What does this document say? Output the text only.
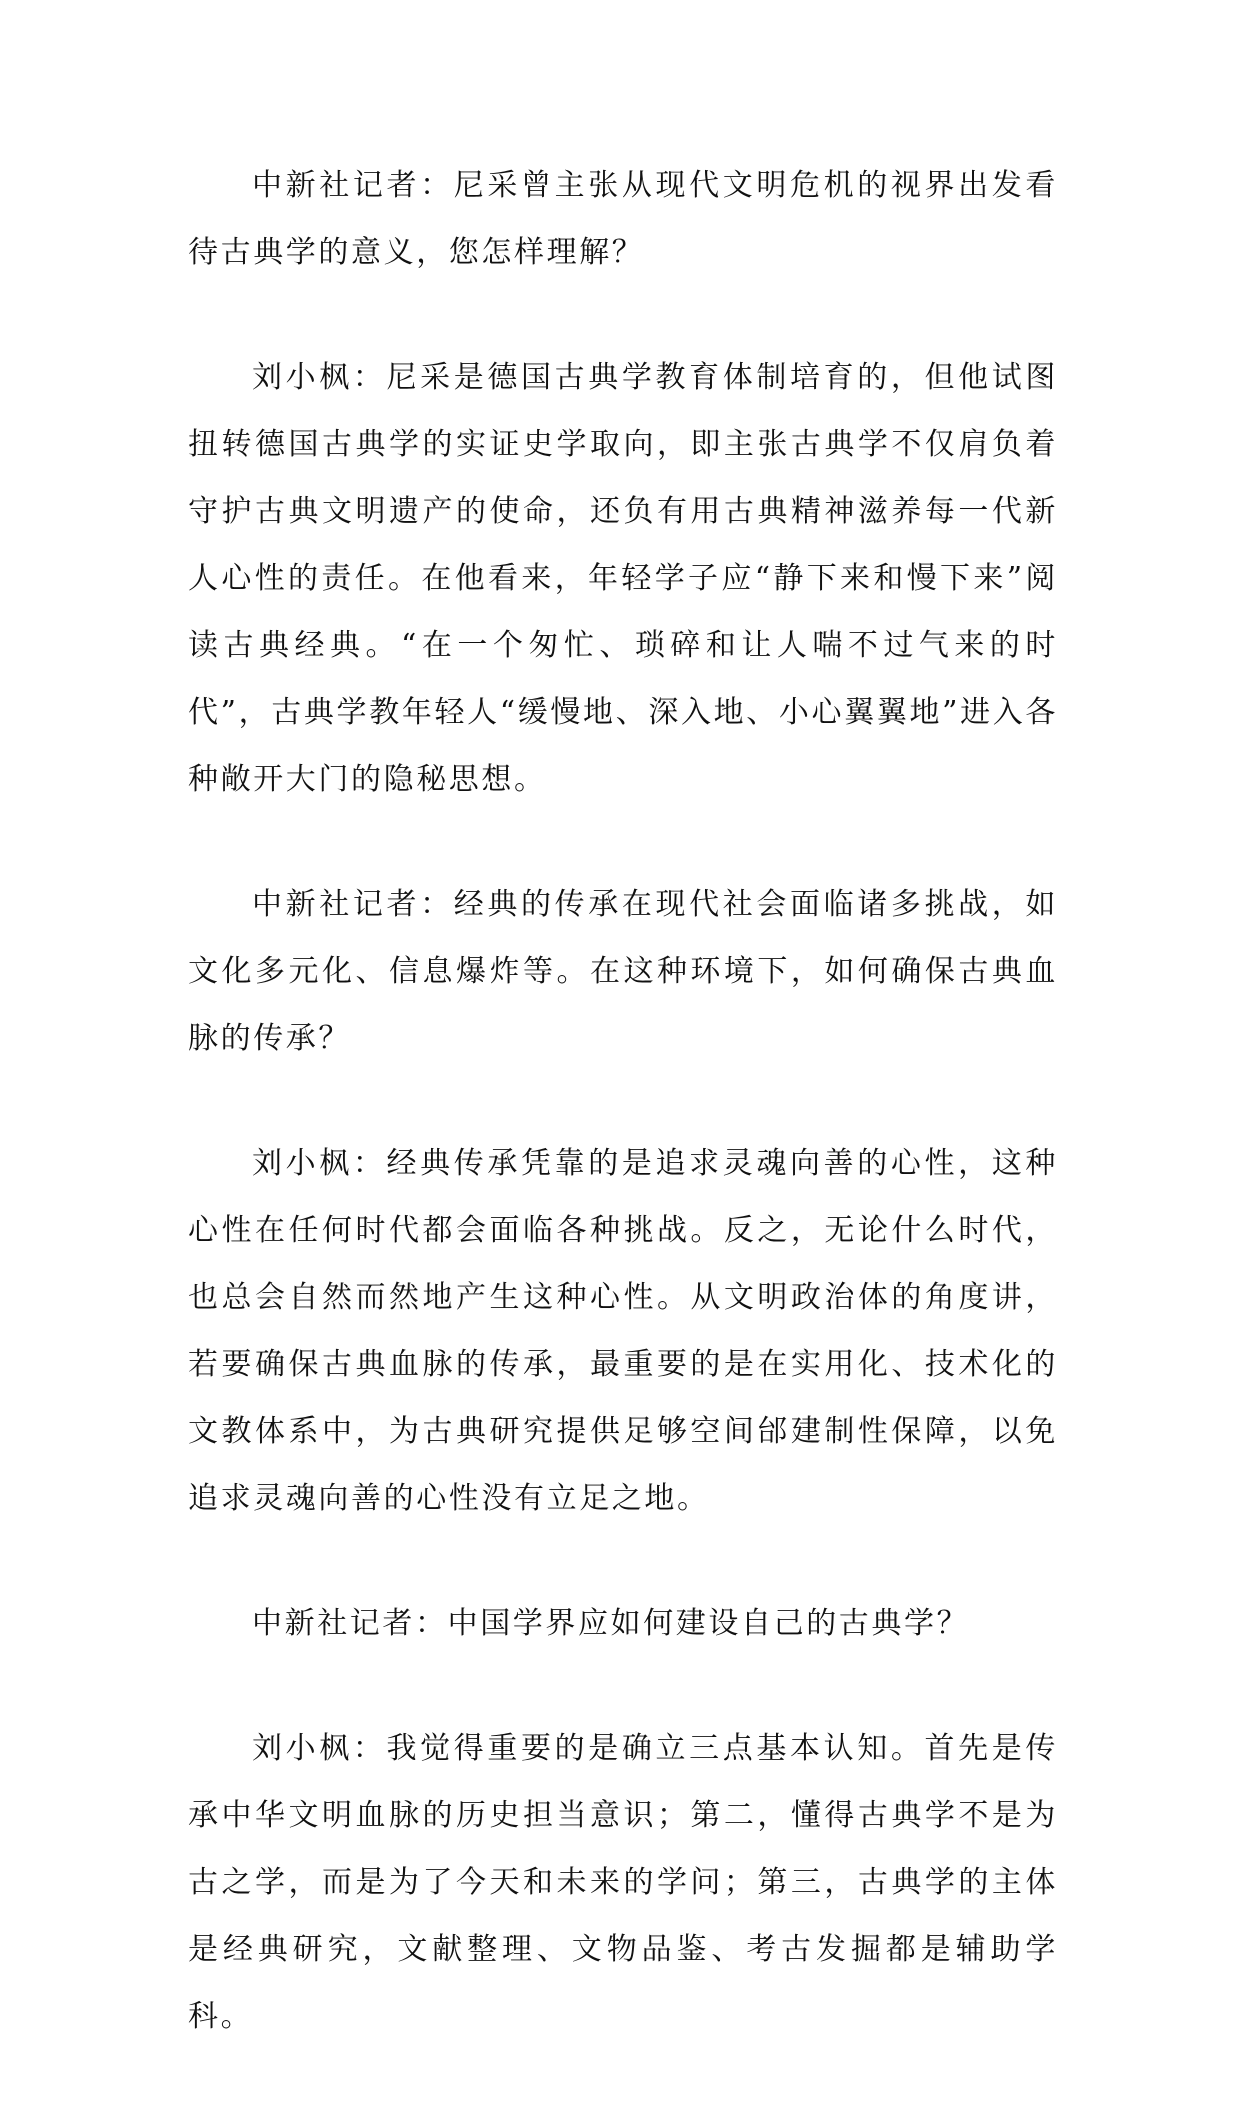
中新社记者：尼采曾主张从现代文明危机的视界出发看待古典学的意义，您怎样理解？

刘小枫：尼采是德国古典学教育体制培育的，但他试图扭转德国古典学的实证史学取向，即主张古典学不仅肩负着守护古典文明遗产的使命，还负有用古典精神滋养每一代新人心性的责任。在他看来，年轻学子应“静下来和慢下来”阅读古典经典。“在一个匆忙、琐碎和让人喘不过气来的时代”，古典学教年轻人“缓慢地、深入地、小心翼翼地”进入各种敞开大门的隐秘思想。

中新社记者：经典的传承在现代社会面临诸多挑战，如文化多元化、信息爆炸等。在这种环境下，如何确保古典血脉的传承？

刘小枫：经典传承凭靠的是追求灵魂向善的心性，这种心性在任何时代都会面临各种挑战。反之，无论什么时代，也总会自然而然地产生这种心性。从文明政治体的角度讲，若要确保古典血脉的传承，最重要的是在实用化、技术化的文教体系中，为古典研究提供足够空间邰建制性保障，以免追求灵魂向善的心性没有立足之地。

中新社记者：中国学界应如何建设自己的古典学？

刘小枫：我觉得重要的是确立三点基本认知。首先是传承中华文明血脉的历史担当意识；第二，懂得古典学不是为古之学，而是为了今天和未来的学问；第三，古典学的主体是经典研究，文献整理、文物品鉴、考古发掘都是辅助学科。
